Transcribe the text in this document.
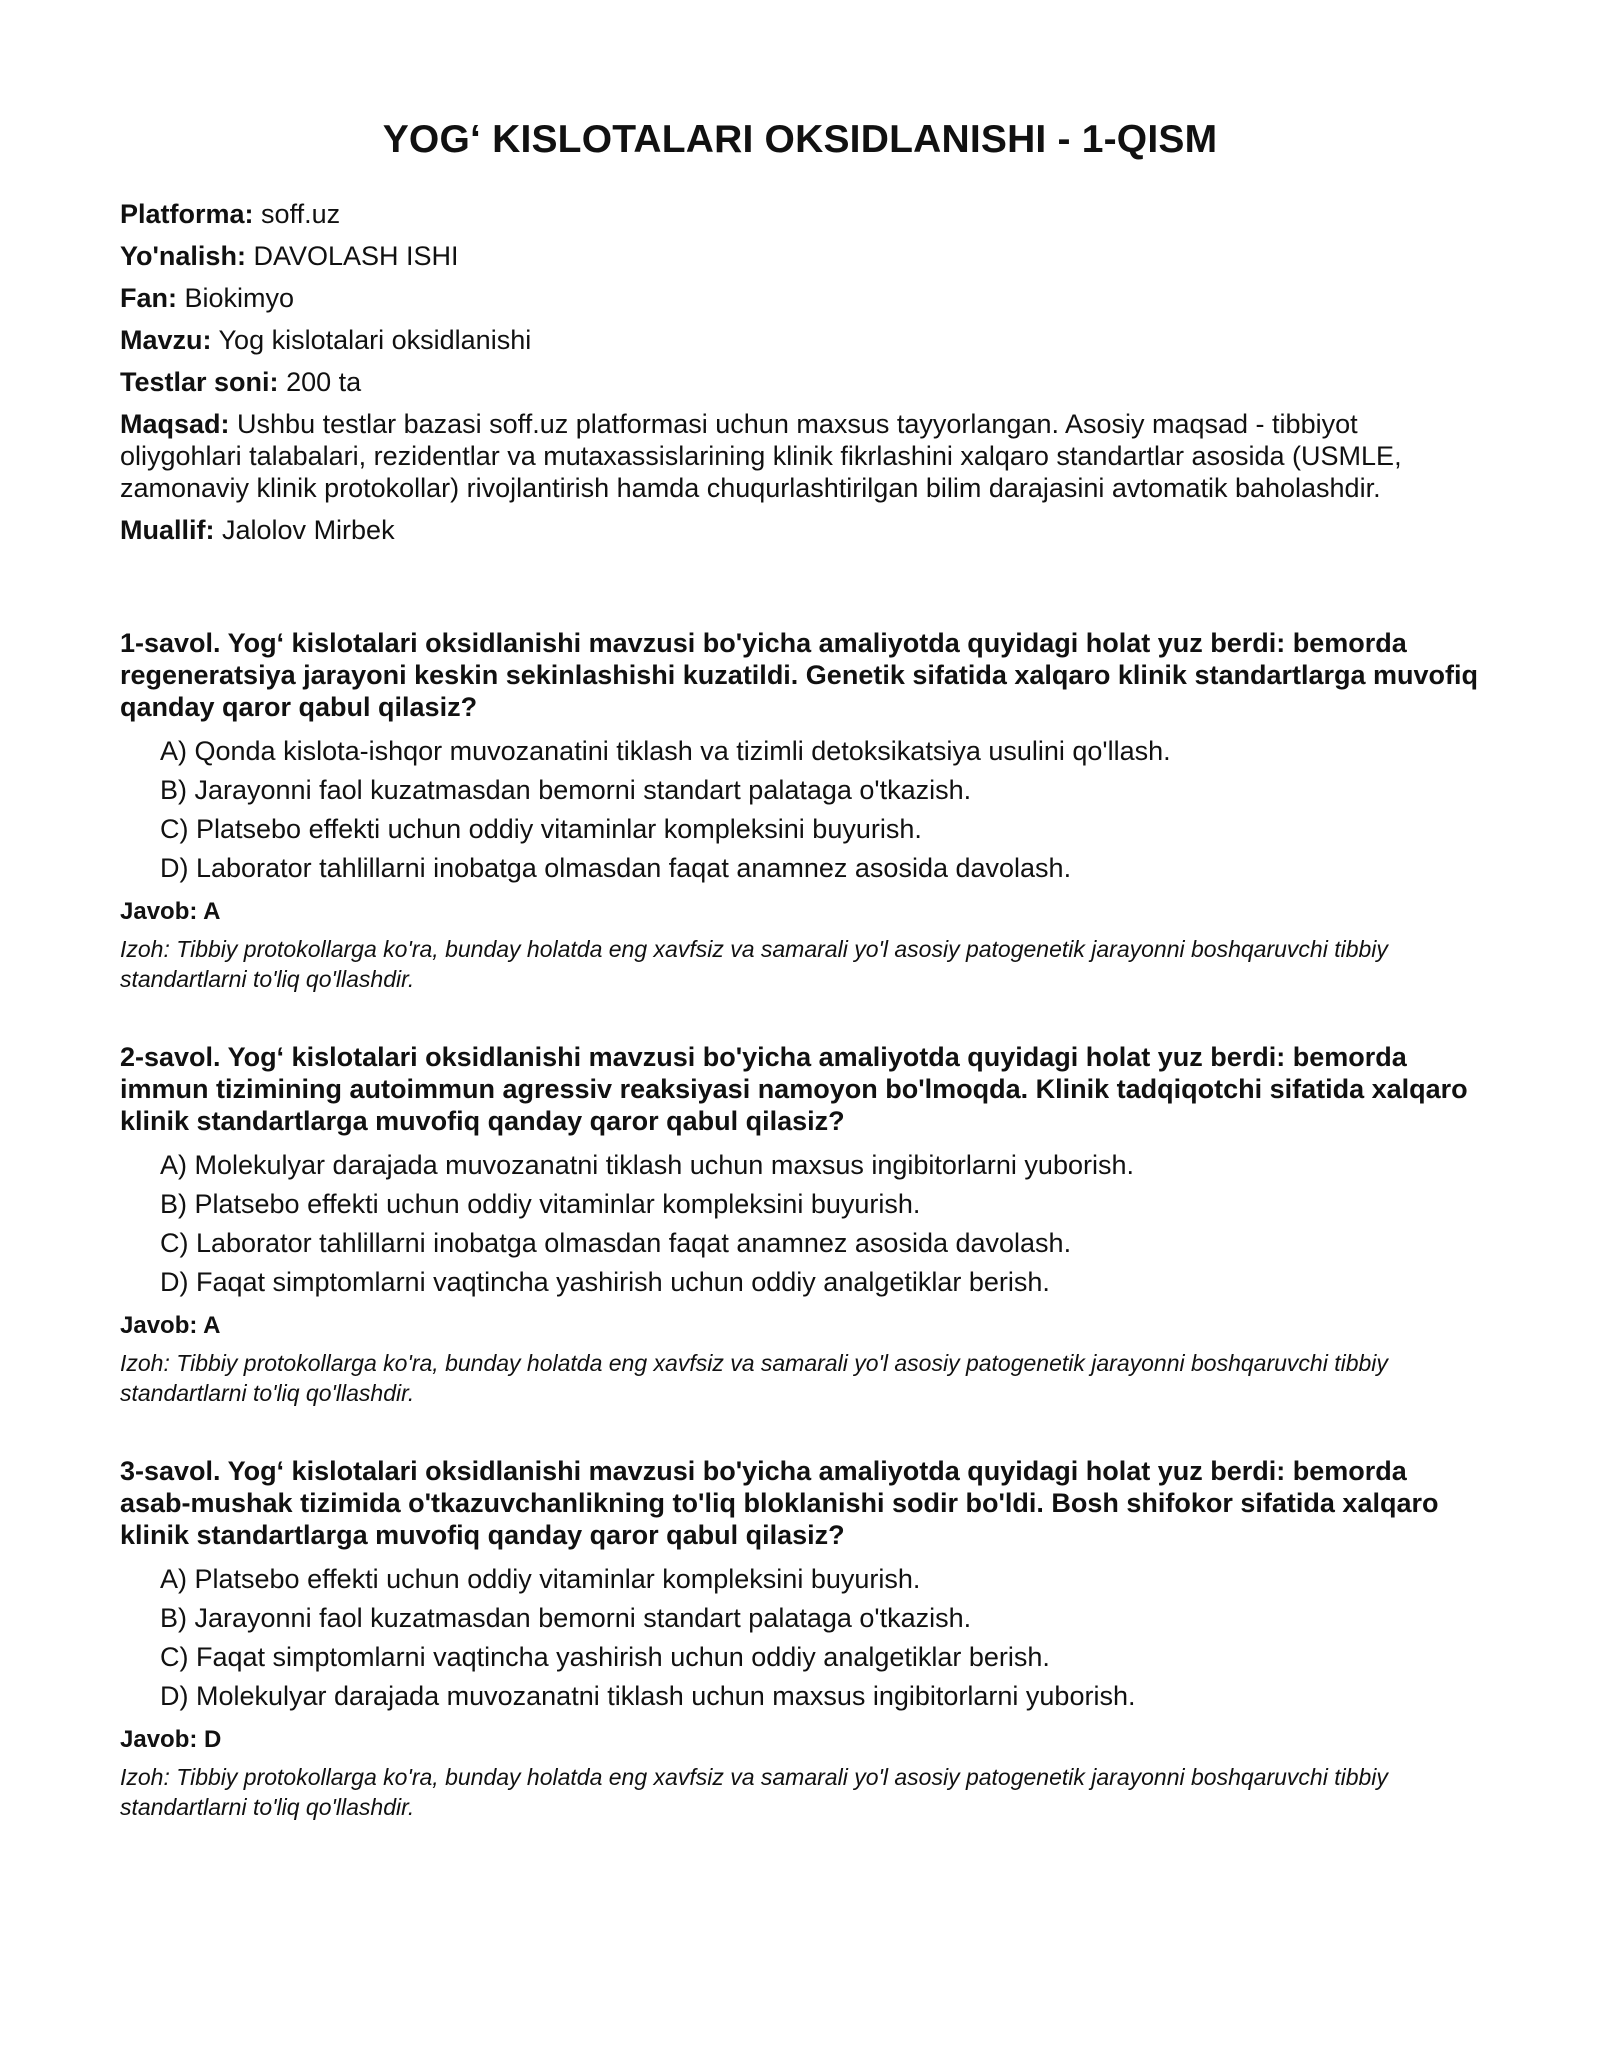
YOG‘ KISLOTALARI OKSIDLANISHI - 1-QISM
Platforma: soff.uz
Yo'nalish: DAVOLASH ISHI
Fan: Biokimyo
Mavzu: Yog kislotalari oksidlanishi
Testlar soni: 200 ta
Maqsad: Ushbu testlar bazasi soff.uz platformasi uchun maxsus tayyorlangan. Asosiy maqsad - tibbiyot oliygohlari talabalari, rezidentlar va mutaxassislarining klinik fikrlashini xalqaro standartlar asosida (USMLE, zamonaviy klinik protokollar) rivojlantirish hamda chuqurlashtirilgan bilim darajasini avtomatik baholashdir.
Muallif: Jalolov Mirbek

1-savol. Yog‘ kislotalari oksidlanishi mavzusi bo'yicha amaliyotda quyidagi holat yuz berdi: bemorda regeneratsiya jarayoni keskin sekinlashishi kuzatildi. Genetik sifatida xalqaro klinik standartlarga muvofiq qanday qaror qabul qilasiz?

A) Qonda kislota-ishqor muvozanatini tiklash va tizimli detoksikatsiya usulini qo'llash.
B) Jarayonni faol kuzatmasdan bemorni standart palataga o'tkazish.
C) Platsebo effekti uchun oddiy vitaminlar kompleksini buyurish.
D) Laborator tahlillarni inobatga olmasdan faqat anamnez asosida davolash.
Javob: A

Izoh: Tibbiy protokollarga ko'ra, bunday holatda eng xavfsiz va samarali yo'l asosiy patogenetik jarayonni boshqaruvchi tibbiy standartlarni to'liq qo'llashdir.

2-savol. Yog‘ kislotalari oksidlanishi mavzusi bo'yicha amaliyotda quyidagi holat yuz berdi: bemorda immun tizimining autoimmun agressiv reaksiyasi namoyon bo'lmoqda. Klinik tadqiqotchi sifatida xalqaro klinik standartlarga muvofiq qanday qaror qabul qilasiz?

A) Molekulyar darajada muvozanatni tiklash uchun maxsus ingibitorlarni yuborish.
B) Platsebo effekti uchun oddiy vitaminlar kompleksini buyurish.
C) Laborator tahlillarni inobatga olmasdan faqat anamnez asosida davolash.
D) Faqat simptomlarni vaqtincha yashirish uchun oddiy analgetiklar berish.
Javob: A

Izoh: Tibbiy protokollarga ko'ra, bunday holatda eng xavfsiz va samarali yo'l asosiy patogenetik jarayonni boshqaruvchi tibbiy standartlarni to'liq qo'llashdir.

3-savol. Yog‘ kislotalari oksidlanishi mavzusi bo'yicha amaliyotda quyidagi holat yuz berdi: bemorda asab-mushak tizimida o'tkazuvchanlikning to'liq bloklanishi sodir bo'ldi. Bosh shifokor sifatida xalqaro klinik standartlarga muvofiq qanday qaror qabul qilasiz?

A) Platsebo effekti uchun oddiy vitaminlar kompleksini buyurish.
B) Jarayonni faol kuzatmasdan bemorni standart palataga o'tkazish.
C) Faqat simptomlarni vaqtincha yashirish uchun oddiy analgetiklar berish.
D) Molekulyar darajada muvozanatni tiklash uchun maxsus ingibitorlarni yuborish.
Javob: D

Izoh: Tibbiy protokollarga ko'ra, bunday holatda eng xavfsiz va samarali yo'l asosiy patogenetik jarayonni boshqaruvchi tibbiy standartlarni to'liq qo'llashdir.
